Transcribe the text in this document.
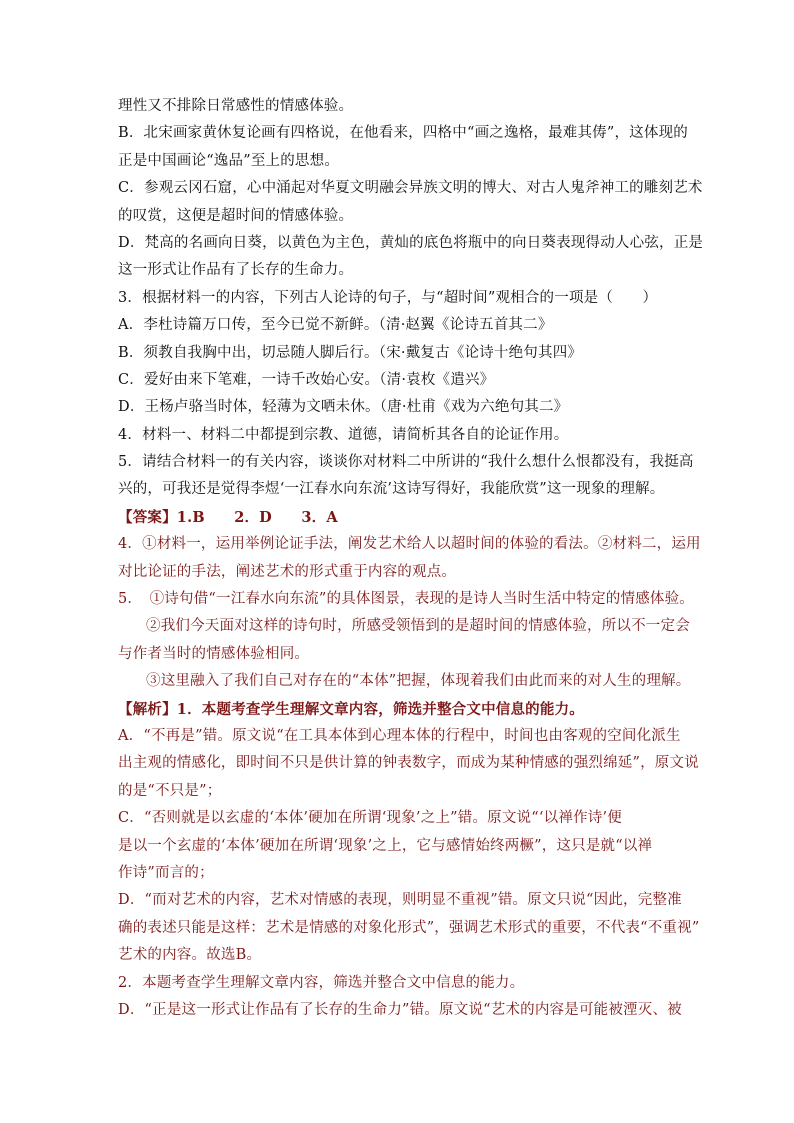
理性又不排除日常感性的情感体验。
B．北宋画家黄休复论画有四格说，在他看来，四格中“画之逸格，最难其俦”，这体现的
正是中国画论“逸品”至上的思想。
C．参观云冈石窟，心中涌起对华夏文明融会异族文明的博大、对古人鬼斧神工的雕刻艺术
的叹赏，这便是超时间的情感体验。
D．梵高的名画向日葵，以黄色为主色，黄灿的底色将瓶中的向日葵表现得动人心弦，正是
这一形式让作品有了长存的生命力。
3．根据材料一的内容，下列古人论诗的句子，与“超时间”观相合的一项是（　　）
A．李杜诗篇万口传，至今已觉不新鲜。（清·赵翼《论诗五首其二》
B．须教自我胸中出，切忌随人脚后行。（宋·戴复古《论诗十绝句其四》
C．爱好由来下笔难，一诗千改始心安。（清·袁枚《遣兴》
D．王杨卢骆当时体，轻薄为文哂未休。（唐·杜甫《戏为六绝句其二》
4．材料一、材料二中都提到宗教、道德，请简析其各自的论证作用。
5．请结合材料一的有关内容，谈谈你对材料二中所讲的“我什么想什么恨都没有，我挺高
兴的，可我还是觉得李煜‘一江春水向东流’这诗写得好，我能欣赏”这一现象的理解。
【答案】1.B　　2．D　　3．A
4．①材料一，运用举例论证手法，阐发艺术给人以超时间的体验的看法。②材料二，运用
对比论证的手法，阐述艺术的形式重于内容的观点。
5．　①诗句借“一江春水向东流”的具体图景，表现的是诗人当时生活中特定的情感体验。
②我们今天面对这样的诗句时，所感受领悟到的是超时间的情感体验，所以不一定会
与作者当时的情感体验相同。
③这里融入了我们自己对存在的“本体”把握，体现着我们由此而来的对人生的理解。
【解析】1．本题考查学生理解文章内容，筛选并整合文中信息的能力。
A．“不再是”错。原文说“在工具本体到心理本体的行程中，时间也由客观的空间化派生
出主观的情感化，即时间不只是供计算的钟表数字，而成为某种情感的强烈绵延”，原文说
的是“不只是”；
C．“否则就是以玄虚的‘本体’硬加在所谓‘现象’之上”错。原文说“‘以禅作诗’便
是以一个玄虚的‘本体’硬加在所谓‘现象’之上，它与感情始终两橛”，这只是就“以禅
作诗”而言的；
D．“而对艺术的内容，艺术对情感的表现，则明显不重视”错。原文只说“因此，完整准
确的表述只能是这样：艺术是情感的对象化形式”，强调艺术形式的重要，不代表“不重视”
艺术的内容。故选B。
2．本题考查学生理解文章内容，筛选并整合文中信息的能力。
D．“正是这一形式让作品有了长存的生命力”错。原文说“艺术的内容是可能被湮灭、被
